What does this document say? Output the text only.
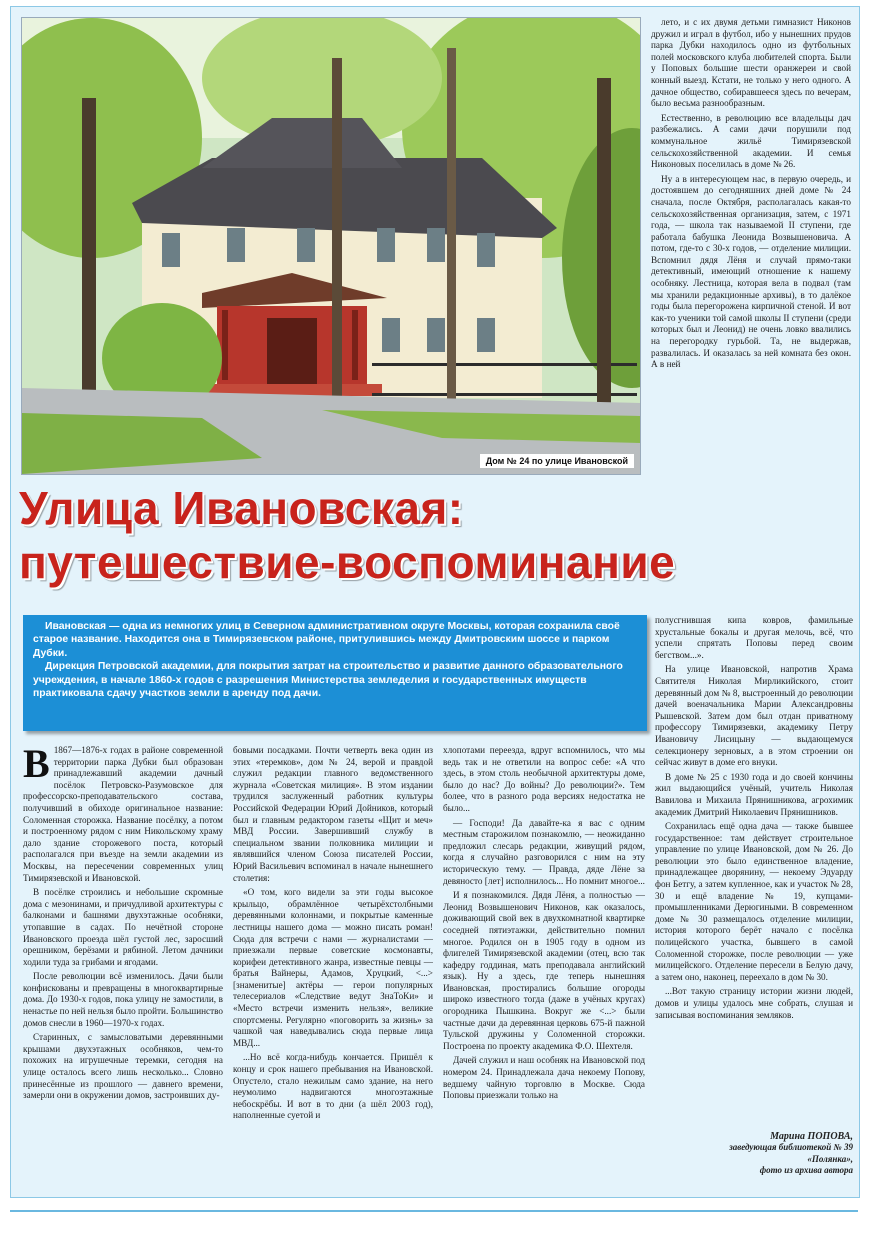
Дом № 24 по улице Ивановской

лето, и с их двумя детьми гимназист Никонов дружил и играл в футбол, ибо у нынешних прудов парка Дубки находилось одно из футбольных полей московского клуба любителей спорта. Были у Поповых большие шести оранжереи и свой конный выезд. Кстати, не только у него одного. А дачное общество, собиравшееся здесь по вечерам, было весьма разнообразным.

Естественно, в революцию все владельцы дач разбежались. А сами дачи порушили под коммунальное жильё Тимирязевской сельскохозяйственной академии. И семья Никоновых поселилась в доме № 26.

Ну а в интересующем нас, в первую очередь, и достоявшем до сегодняшних дней доме № 24 сначала, после Октября, располагалась какая-то сельскохозяйственная организация, затем, с 1971 года, — школа так называемой II ступени, где работала бабушка Леонида Возвышеновича. А потом, где-то с 30-х годов, — отделение милиции. Вспомнил дядя Лёня и случай прямо-таки детективный, имеющий отношение к нашему особняку. Лестница, которая вела в подвал (там мы хранили редакционные архивы), в то далёкое годы была перегорожена кирпичной стеной. И вот как-то ученики той самой школы II ступени (среди которых был и Леонид) не очень ловко ввалились на перегородку гурьбой. Та, не выдержав, развалилась. И оказалась за ней комната без окон. А в ней

Улица Ивановская:
путешествие-воспоминание

Ивановская — одна из немногих улиц в Северном административном округе Москвы, которая сохранила своё старое название. Находится она в Тимирязевском районе, притулившись между Дмитровским шоссе и парком Дубки.

Дирекция Петровской академии, для покрытия затрат на строительство и развитие данного образовательного учреждения, в начале 1860-х годов с разрешения Министерства земледелия и государственных имуществ практиковала сдачу участков земли в аренду под дачи.

В 1867—1876-х годах в районе современной территории парка Дубки был образован принадлежавший академии дачный посёлок Петровско-Разумовское для профессорско-преподавательского состава, получивший в обиходе оригинальное название: Соломенная сторожка. Название посёлку, а потом и построенному рядом с ним Никольскому храму дало здание сторожевого поста, который располагался при въезде на земли академии из Москвы, на пересечении современных улиц Тимирязевской и Ивановской.

В посёлке строились и небольшие скромные дома с мезонинами, и причудливой архитектуры с балконами и башнями двухэтажные особняки, утопавшие в садах. По нечётной стороне Ивановского проезда шёл густой лес, заросший орешником, берёзами и рябиной. Летом дачники ходили туда за грибами и ягодами.

После революции всё изменилось. Дачи были конфискованы и превращены в многоквартирные дома. До 1930-х годов, пока улицу не замостили, в ненастье по ней нельзя было пройти. Большинство домов снесли в 1960—1970-х годах.

Старинных, с замысловатыми деревянными крышами двухэтажных особняков, чем-то похожих на игрушечные теремки, сегодня на улице осталось всего лишь несколько... Словно принесённые из прошлого — давнего времени, замерли они в окружении домов, застроивших ду-

бовыми посадками. Почти четверть века один из этих «теремков», дом № 24, верой и правдой служил редакции главного ведомственного журнала «Советская милиция». В этом издании трудился заслуженный работник культуры Российской Федерации Юрий Дойников, который был и главным редактором газеты «Щит и меч» МВД России. Завершивший службу в специальном звании полковника милиции и являвшийся членом Союза писателей России, Юрий Васильевич вспоминал в начале нынешнего столетия:

«О том, кого видели за эти годы высокое крыльцо, обрамлённое четырёхстолбными деревянными колоннами, и покрытые каменные лестницы нашего дома — можно писать роман! Сюда для встречи с нами — журналистами — приезжали первые советские космонавты, корифеи детективного жанра, известные певцы — братья Вайнеры, Адамов, Хруцкий, <...> [знаменитые] актёры — герои популярных телесериалов «Следствие ведут ЗнаТоКи» и «Место встречи изменить нельзя», великие спортсмены. Регулярно «поговорить за жизнь» за чашкой чая наведывались сюда первые лица МВД...

...Но всё когда-нибудь кончается. Пришёл к концу и срок нашего пребывания на Ивановской. Опустело, стало нежилым само здание, на него неумолимо надвигаются многоэтажные небоскрёбы. И вот в то дни (а шёл 2003 год), наполненные суетой и

хлопотами переезда, вдруг вспомнилось, что мы ведь так и не ответили на вопрос себе: «А что здесь, в этом столь необычной архитектуры доме, было до нас? До войны? До революции?». Тем более, что в разного рода версиях недостатка не было...

— Господи! Да давайте-ка я вас с одним местным старожилом познакомлю, — неожиданно предложил слесарь редакции, живущий рядом, когда я случайно разговорился с ним на эту историческую тему. — Правда, дяде Лёне за девяносто [лет] исполнилось... Но помнит многое...

И я познакомился. Дядя Лёня, а полностью — Леонид Возвышенович Никонов, как оказалось, доживающий свой век в двухкомнатной квартирке соседней пятиэтажки, действительно помнил многое. Родился он в 1905 году в одном из флигелей Тимирязевской академии (отец, всю так кафедру годдиная, мать преподавала английский язык). Ну а здесь, где теперь нынешняя Ивановская, простирались большие огороды широко известного тогда (даже в учёных кругах) огородника Пышкина. Вокруг же <...> были частные дачи да деревянная церковь 675-й пажной Тульской дружины у Соломенной сторожки. Построена по проекту академика Ф.О. Шехтеля.

Дачей служил и наш особняк на Ивановской под номером 24. Принадлежала дача некоему Попову, ведшему чайную торговлю в Москве. Сюда Поповы приезжали только на

полусгнившая кипа ковров, фамильные хрустальные бокалы и другая мелочь, всё, что успели спрятать Поповы перед своим бегством...».

На улице Ивановской, напротив Храма Святителя Николая Мирликийского, стоит деревянный дом № 8, выстроенный до революции дачей военачальника Марии Александровны Рышевской. Затем дом был отдан приватному профессору Тимирязевки, академику Петру Ивановичу Лисицыну — выдающемуся селекционеру зерновых, а в этом строении он сейчас живут в доме его внуки.

В доме № 25 с 1930 года и до своей кончины жил выдающийся учёный, учитель Николая Вавилова и Михаила Прянишникова, агрохимик академик Дмитрий Николаевич Прянишников.

Сохранилась ещё одна дача — также бывшее государственное: там действует строительное управление по улице Ивановской, дом № 26. До революции это было единственное владение, принадлежащее дворянину, — некоему Эдуарду фон Бетгу, а затем купленное, как и участок № 28, 30 и ещё владение № 19, купцами-промышленниками Дерюгиными. В современном доме № 30 размещалось отделение милиции, история которого берёт начало с посёлка полицейского участка, бывшего в самой Соломенной сторожке, после революции — уже милицейского. Отделение пересели в Белую дачу, а затем оно, наконец, переехало в дом № 30.

...Вот такую страницу истории жизни людей, домов и улицы удалось мне собрать, слушая и записывая воспоминания земляков.

Марина ПОПОВА,
заведующая библиотекой № 39
«Полянка»,
фото из архива автора
